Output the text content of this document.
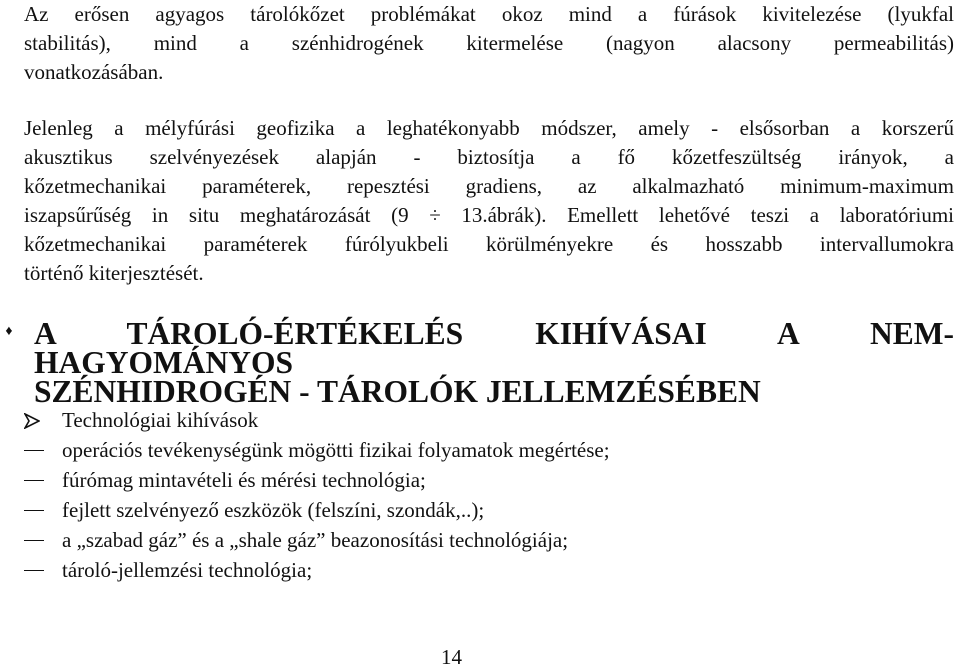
Az erősen agyagos tárolókőzet problémákat okoz mind a fúrások kivitelezése (lyukfal
stabilitás), mind a szénhidrogének kitermelése (nagyon alacsony permeabilitás)
vonatkozásában.
Jelenleg a mélyfúrási geofizika a leghatékonyabb módszer, amely - elsősorban a korszerű
akusztikus szelvényezések alapján - biztosítja a fő kőzetfeszültség irányok, a
kőzetmechanikai paraméterek, repesztési gradiens, az alkalmazható minimum-maximum
iszapsűrűség in situ meghatározását (9 ÷ 13.ábrák). Emellett lehetővé teszi a laboratóriumi
kőzetmechanikai paraméterek fúrólyukbeli körülményekre és hosszabb intervallumokra
történő kiterjesztését.
♦ A TÁROLÓ-ÉRTÉKELÉS KIHÍVÁSAI A NEM-HAGYOMÁNYOS
SZÉNHIDROGÉN - TÁROLÓK JELLEMZÉSÉBEN
Technológiai kihívások
operációs tevékenységünk mögötti fizikai folyamatok megértése;
fúrómag mintavételi és mérési technológia;
fejlett szelvényező eszközök (felszíni, szondák,..);
a „szabad gáz” és a „shale gáz” beazonosítási technológiája;
tároló-jellemzési technológia;
14
